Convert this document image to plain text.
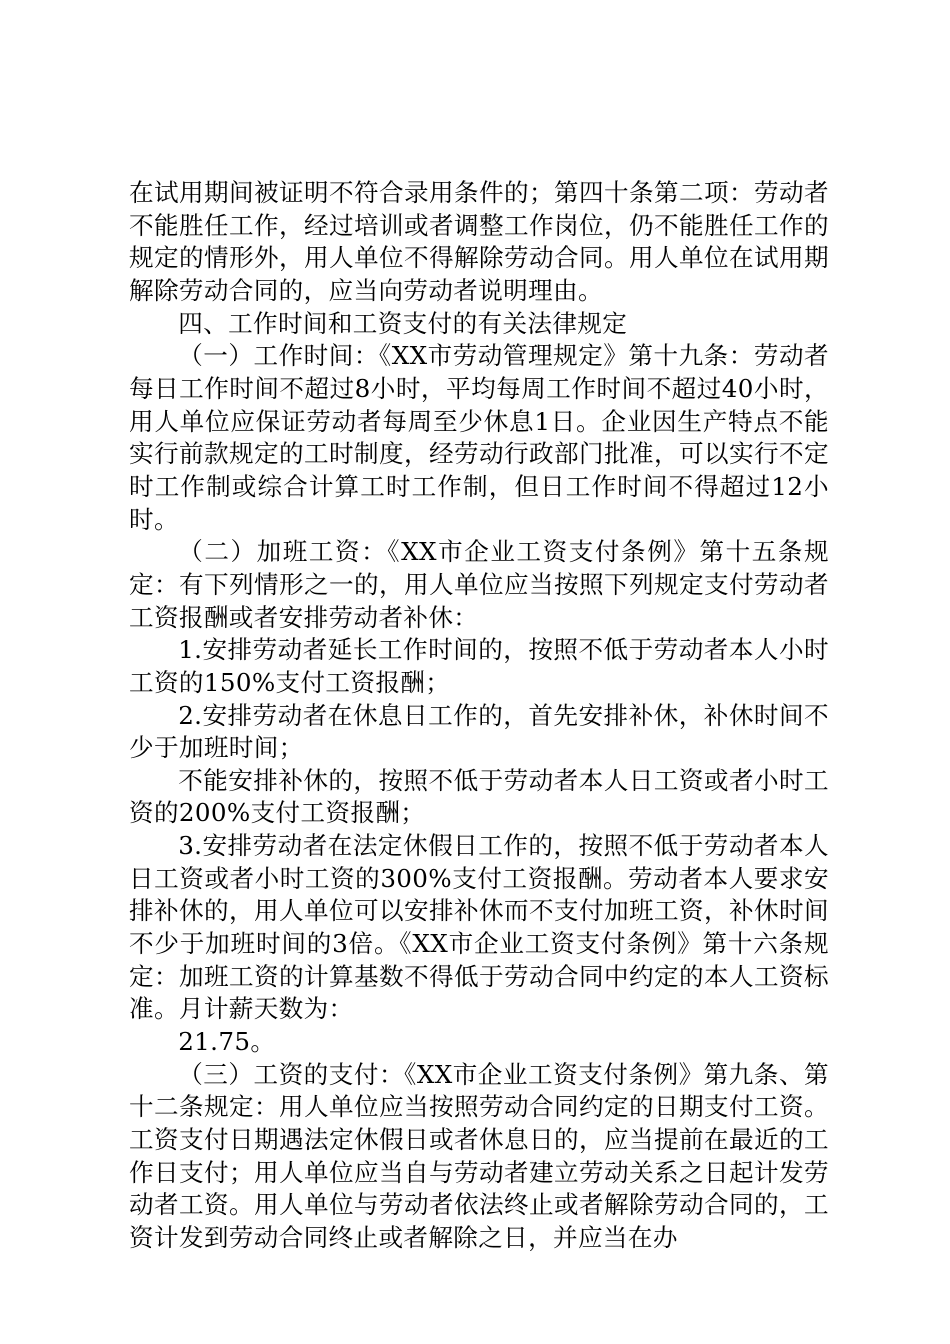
在试用期间被证明不符合录用条件的；第四十条第二项：劳动者不能胜任工作，经过培训或者调整工作岗位，仍不能胜任工作的规定的情形外，用人单位不得解除劳动合同。用人单位在试用期解除劳动合同的，应当向劳动者说明理由。

四、工作时间和工资支付的有关法律规定

（一）工作时间：《XX市劳动管理规定》第十九条：劳动者每日工作时间不超过8小时，平均每周工作时间不超过40小时，用人单位应保证劳动者每周至少休息1日。企业因生产特点不能实行前款规定的工时制度，经劳动行政部门批准，可以实行不定时工作制或综合计算工时工作制，但日工作时间不得超过12小时。

（二）加班工资：《XX市企业工资支付条例》第十五条规定：有下列情形之一的，用人单位应当按照下列规定支付劳动者工资报酬或者安排劳动者补休：

1.安排劳动者延长工作时间的，按照不低于劳动者本人小时工资的150%支付工资报酬；

2.安排劳动者在休息日工作的，首先安排补休，补休时间不少于加班时间；

不能安排补休的，按照不低于劳动者本人日工资或者小时工资的200%支付工资报酬；

3.安排劳动者在法定休假日工作的，按照不低于劳动者本人日工资或者小时工资的300%支付工资报酬。劳动者本人要求安排补休的，用人单位可以安排补休而不支付加班工资，补休时间不少于加班时间的3倍。《XX市企业工资支付条例》第十六条规定：加班工资的计算基数不得低于劳动合同中约定的本人工资标准。月计薪天数为：

21.75。

（三）工资的支付：《XX市企业工资支付条例》第九条、第十二条规定：用人单位应当按照劳动合同约定的日期支付工资。工资支付日期遇法定休假日或者休息日的，应当提前在最近的工作日支付；用人单位应当自与劳动者建立劳动关系之日起计发劳动者工资。用人单位与劳动者依法终止或者解除劳动合同的，工资计发到劳动合同终止或者解除之日，并应当在办
